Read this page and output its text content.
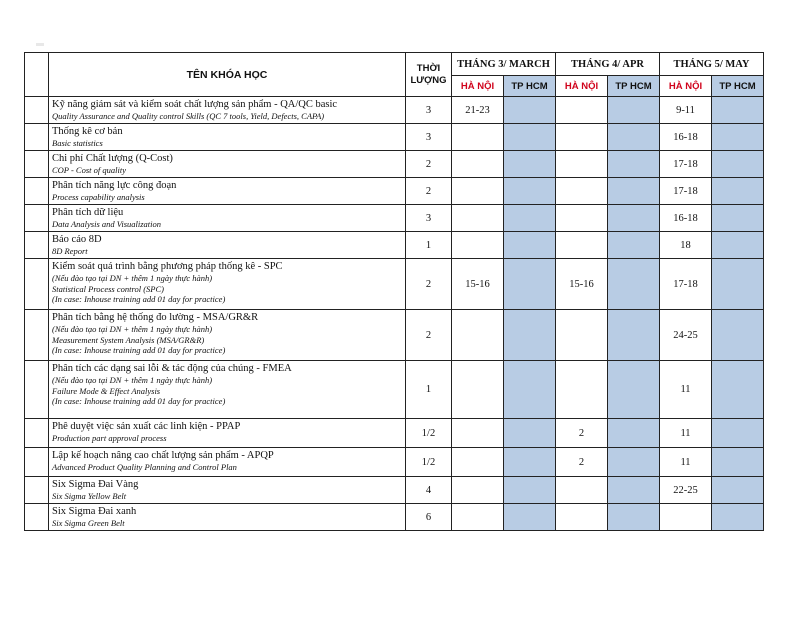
	TÊN KHÓA HỌC	THỜI
LƯỢNG	THÁNG 3/ MARCH		THÁNG 4/ APR		THÁNG 5/ MAY	
			HÀ NỘI	TP HCM	HÀ NỘI	TP HCM	HÀ NỘI	TP HCM

	Kỹ năng giám sát và kiểm soát chất lượng sản phẩm - QA/QC basic
Quality Assurance and Quality control Skills (QC 7 tools, Yield, Defects, CAPA)	3	21-23				9-11	

	Thống kê cơ bản
Basic statistics	3					16-18	

	Chi phí Chất lượng (Q-Cost)
COP - Cost of quality	2					17-18	

	Phân tích năng lực công đoạn
Process capability analysis	2					17-18	

	Phân tích dữ liệu
Data Analysis and Visualization	3					16-18	

	Báo cáo 8D
8D Report	1					18	

	Kiểm soát quá trình bằng phương pháp thống kê - SPC
(Nếu đào tạo tại DN + thêm 1 ngày thực hành)
Statistical Process control (SPC)
(In case: Inhouse training add 01 day for practice)	2	15-16		15-16		17-18	

	Phân tích bằng hệ thống đo lường - MSA/GR&R
(Nếu đào tạo tại DN + thêm 1 ngày thực hành)
Measurement System Analysis (MSA/GR&R)
(In case: Inhouse training add 01 day for practice)	2					24-25	

	Phân tích các dạng sai lỗi & tác động của chúng - FMEA
(Nếu đào tạo tại DN + thêm 1 ngày thực hành)
Failure Mode & Effect Analysis
(In case: Inhouse training add 01 day for practice)	1					11	

	Phê duyệt việc sản xuất các linh kiện - PPAP
Production part approval process	1/2			2		11	

	Lập kế hoạch nâng cao chất lượng sản phẩm - APQP
Advanced Product Quality Planning and Control Plan	1/2			2		11	

	Six Sigma Đai Vàng
Six Sigma Yellow Belt	4					22-25	

	Six Sigma Đai xanh
Six Sigma Green Belt	6						
